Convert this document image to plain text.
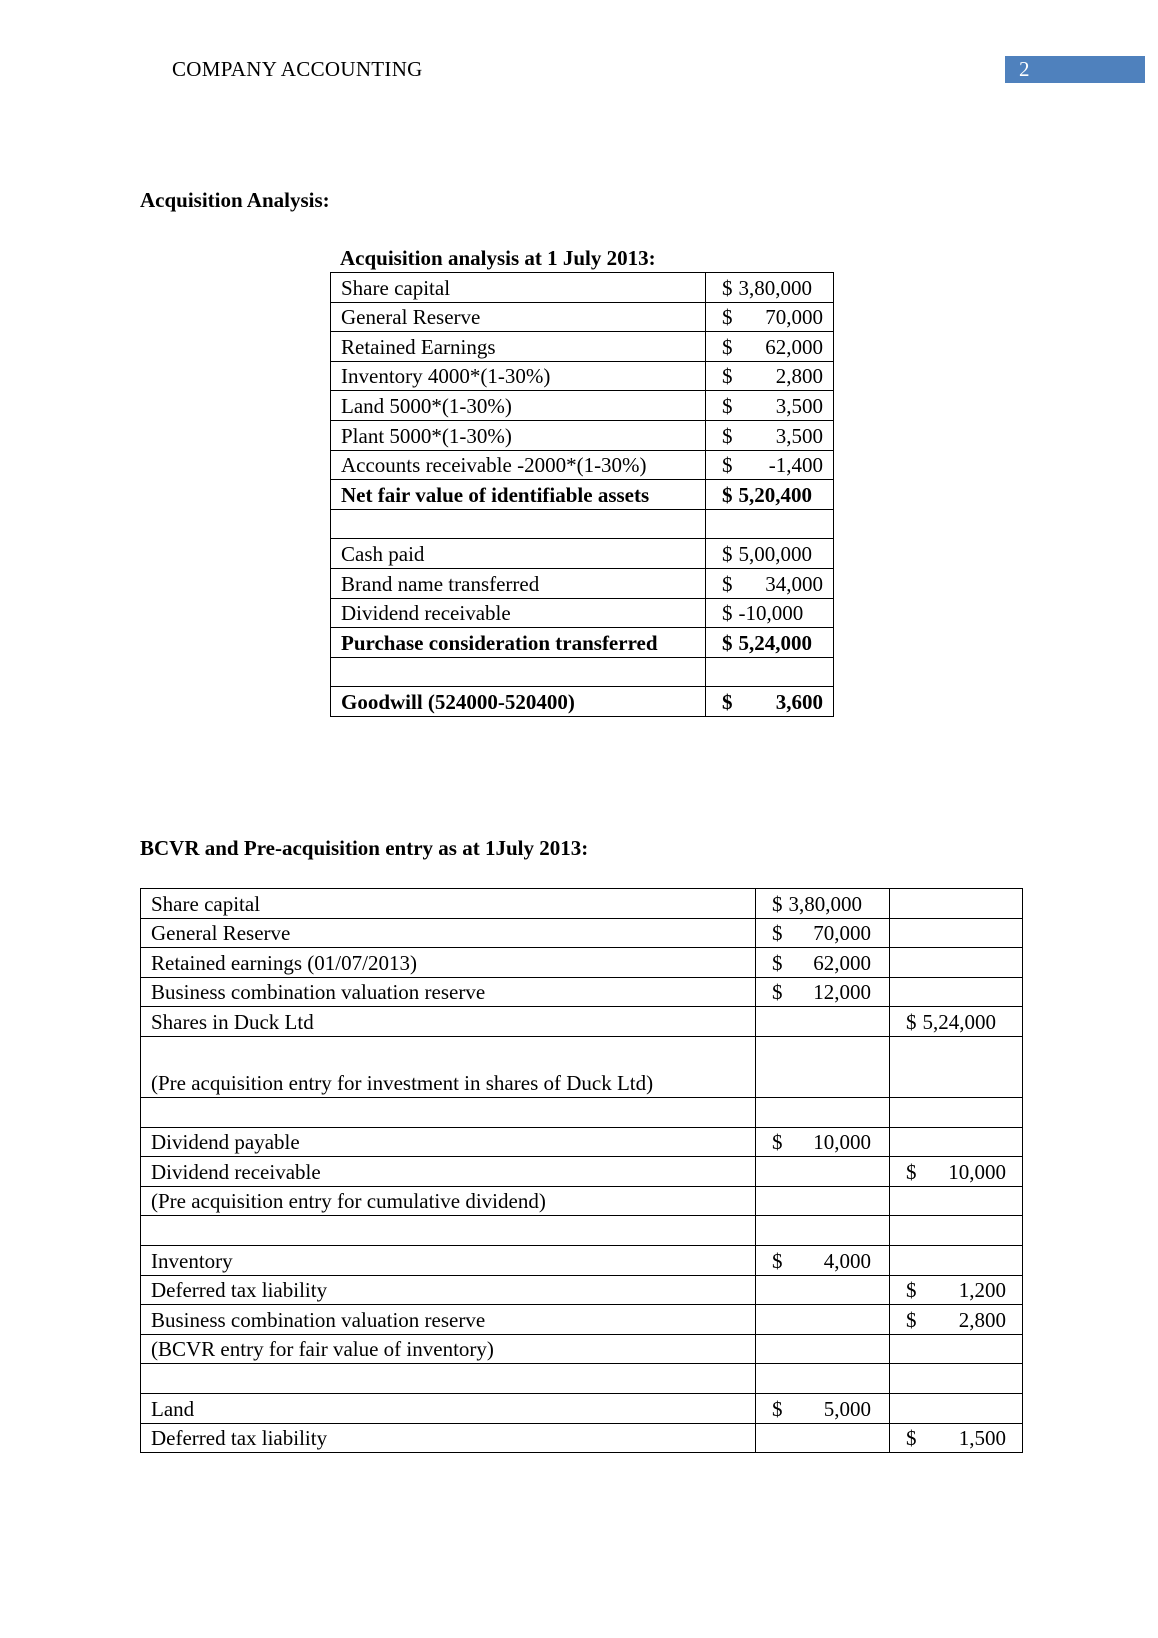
COMPANY ACCOUNTING	2
Acquisition Analysis:
Acquisition analysis at 1 July 2013:
Share capital	$ 3,80,000

General Reserve	$ 70,000

Retained Earnings	$ 62,000

Inventory 4000*(1-30%)	$ 2,800

Land 5000*(1-30%)	$ 3,500

Plant 5000*(1-30%)	$ 3,500

Accounts receivable -2000*(1-30%)	$ -1,400

Net fair value of identifiable assets	$ 5,20,400

Cash paid	$ 5,00,000

Brand name transferred	$ 34,000

Dividend receivable	$ -10,000

Purchase consideration transferred	$ 5,24,000

Goodwill (524000-520400)	$ 3,600
BCVR and Pre-acquisition entry as at 1July 2013:
Share capital	$ 3,80,000	

General Reserve	$ 70,000	

Retained earnings (01/07/2013)	$ 62,000	

Business combination valuation reserve	$ 12,000	

Shares in Duck Ltd		$ 5,24,000

(Pre acquisition entry for investment in shares of Duck Ltd)	

Dividend payable	$ 10,000	

Dividend receivable		$ 10,000

(Pre acquisition entry for cumulative dividend)	

Inventory	$ 4,000	

Deferred tax liability		$ 1,200

Business combination valuation reserve		$ 2,800

(BCVR entry for fair value of inventory)	

Land	$ 5,000	

Deferred tax liability		$ 1,500
